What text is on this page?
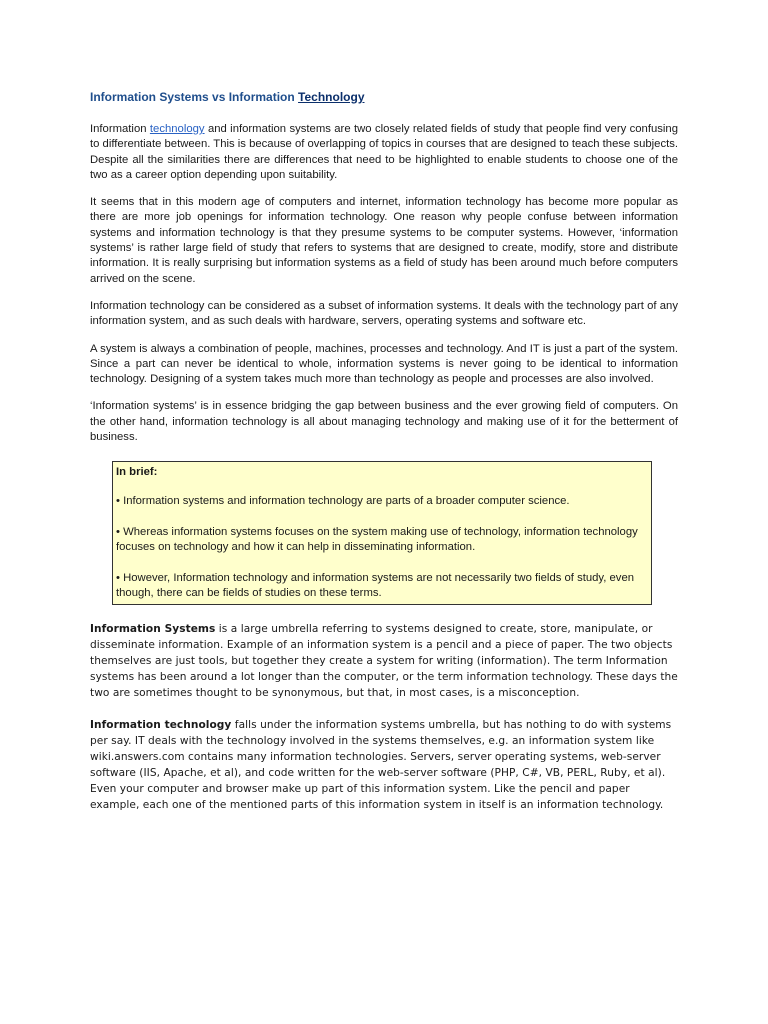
Information Systems vs Information Technology

Information technology and information systems are two closely related fields of study that people find very confusing to differentiate between. This is because of overlapping of topics in courses that are designed to teach these subjects. Despite all the similarities there are differences that need to be highlighted to enable students to choose one of the two as a career option depending upon suitability.

It seems that in this modern age of computers and internet, information technology has become more popular as there are more job openings for information technology. One reason why people confuse between information systems and information technology is that they presume systems to be computer systems. However, ‘information systems’ is rather large field of study that refers to systems that are designed to create, modify, store and distribute information. It is really surprising but information systems as a field of study has been around much before computers arrived on the scene.

Information technology can be considered as a subset of information systems. It deals with the technology part of any information system, and as such deals with hardware, servers, operating systems and software etc.

A system is always a combination of people, machines, processes and technology. And IT is just a part of the system. Since a part can never be identical to whole, information systems is never going to be identical to information technology. Designing of a system takes much more than technology as people and processes are also involved.

‘Information systems’ is in essence bridging the gap between business and the ever growing field of computers. On the other hand, information technology is all about managing technology and making use of it for the betterment of business.

In brief:
• Information systems and information technology are parts of a broader computer science.
• Whereas information systems focuses on the system making use of technology, information technology focuses on technology and how it can help in disseminating information.
• However, Information technology and information systems are not necessarily two fields of study, even though, there can be fields of studies on these terms.

Information Systems is a large umbrella referring to systems designed to create, store, manipulate, or disseminate information. Example of an information system is a pencil and a piece of paper. The two objects themselves are just tools, but together they create a system for writing (information). The term Information systems has been around a lot longer than the computer, or the term information technology. These days the two are sometimes thought to be synonymous, but that, in most cases, is a misconception.

Information technology falls under the information systems umbrella, but has nothing to do with systems per say. IT deals with the technology involved in the systems themselves, e.g. an information system like wiki.answers.com contains many information technologies. Servers, server operating systems, web-server software (IIS, Apache, et al), and code written for the web-server software (PHP, C#, VB, PERL, Ruby, et al). Even your computer and browser make up part of this information system. Like the pencil and paper example, each one of the mentioned parts of this information system in itself is an information technology.
